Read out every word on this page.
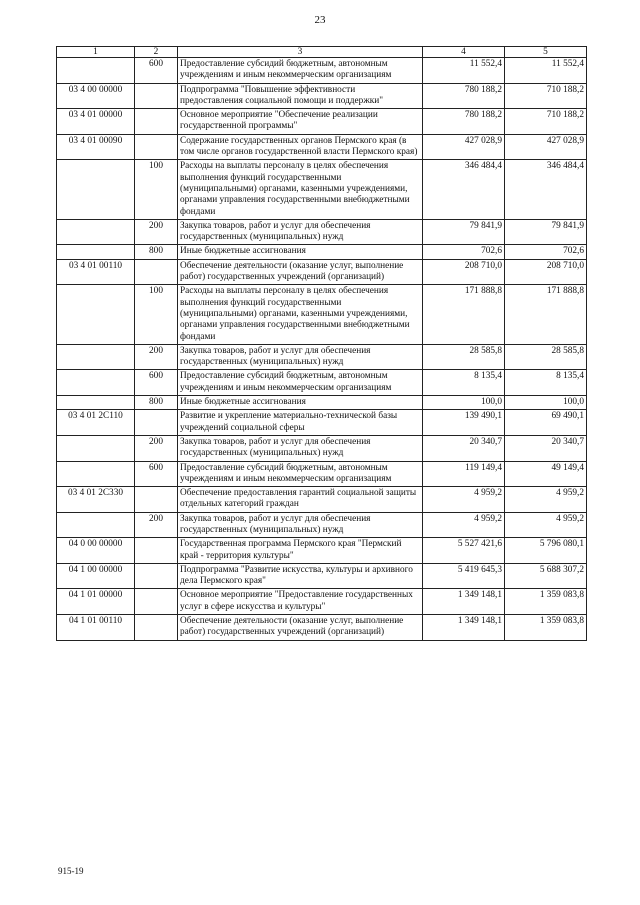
23
1	2	3	4	5
	600	Предоставление субсидий бюджетным, автономным учреждениям и иным некоммерческим организациям	11 552,4	11 552,4
03 4 00 00000		Подпрограмма "Повышение эффективности предоставления социальной помощи и поддержки"	780 188,2	710 188,2
03 4 01 00000		Основное мероприятие "Обеспечение реализации государственной программы"	780 188,2	710 188,2
03 4 01 00090		Содержание государственных органов Пермского края (в том числе органов государственной власти Пермского края)	427 028,9	427 028,9
	100	Расходы на выплаты персоналу в целях обеспечения выполнения функций государственными (муниципальными) органами, казенными учреждениями, органами управления государственными внебюджетными фондами	346 484,4	346 484,4
	200	Закупка товаров, работ и услуг для обеспечения государственных (муниципальных) нужд	79 841,9	79 841,9
	800	Иные бюджетные ассигнования	702,6	702,6
03 4 01 00110		Обеспечение деятельности (оказание услуг, выполнение работ) государственных учреждений (организаций)	208 710,0	208 710,0
	100	Расходы на выплаты персоналу в целях обеспечения выполнения функций государственными (муниципальными) органами, казенными учреждениями, органами управления государственными внебюджетными фондами	171 888,8	171 888,8
	200	Закупка товаров, работ и услуг для обеспечения государственных (муниципальных) нужд	28 585,8	28 585,8
	600	Предоставление субсидий бюджетным, автономным учреждениям и иным некоммерческим организациям	8 135,4	8 135,4
	800	Иные бюджетные ассигнования	100,0	100,0
03 4 01 2С110		Развитие и укрепление материально-технической базы учреждений социальной сферы	139 490,1	69 490,1
	200	Закупка товаров, работ и услуг для обеспечения государственных (муниципальных) нужд	20 340,7	20 340,7
	600	Предоставление субсидий бюджетным, автономным учреждениям и иным некоммерческим организациям	119 149,4	49 149,4
03 4 01 2С330		Обеспечение предоставления гарантий социальной защиты отдельных категорий граждан	4 959,2	4 959,2
	200	Закупка товаров, работ и услуг для обеспечения государственных (муниципальных) нужд	4 959,2	4 959,2
04 0 00 00000		Государственная программа Пермского края "Пермский край - территория культуры"	5 527 421,6	5 796 080,1
04 1 00 00000		Подпрограмма "Развитие искусства, культуры и архивного дела Пермского края"	5 419 645,3	5 688 307,2
04 1 01 00000		Основное мероприятие "Предоставление государственных услуг в сфере искусства и культуры"	1 349 148,1	1 359 083,8
04 1 01 00110		Обеспечение деятельности (оказание услуг, выполнение работ) государственных учреждений (организаций)	1 349 148,1	1 359 083,8
915-19
